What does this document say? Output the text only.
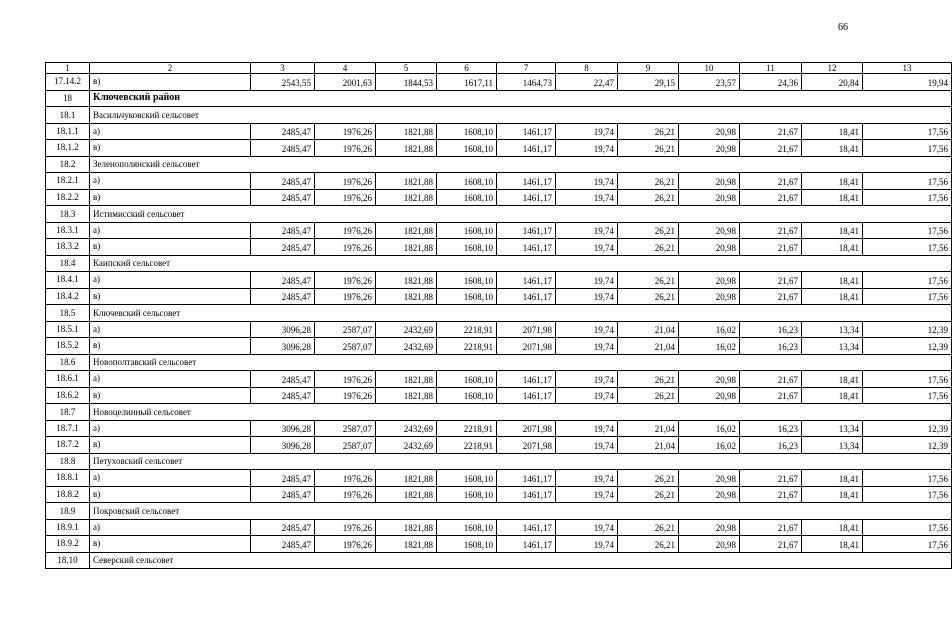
66
1	2	3	4	5	6	7	8	9	10	11	12	13
17.14.2	в)	2543,55	2001,63	1844,53	1617,11	1464,73	22,47	29,15	23,57	24,36	20,84	19,94
18	Ключевский район											
18.1	Васильчуковский сельсовет											
18.1.1	а)	2485,47	1976,26	1821,88	1608,10	1461,17	19,74	26,21	20,98	21,67	18,41	17,56
18.1.2	в)	2485,47	1976,26	1821,88	1608,10	1461,17	19,74	26,21	20,98	21,67	18,41	17,56
18.2	Зеленополянский сельсовет											
18.2.1	а)	2485,47	1976,26	1821,88	1608,10	1461,17	19,74	26,21	20,98	21,67	18,41	17,56
18.2.2	в)	2485,47	1976,26	1821,88	1608,10	1461,17	19,74	26,21	20,98	21,67	18,41	17,56
18.3	Истимисский сельсовет											
18.3.1	а)	2485,47	1976,26	1821,88	1608,10	1461,17	19,74	26,21	20,98	21,67	18,41	17,56
18.3.2	в)	2485,47	1976,26	1821,88	1608,10	1461,17	19,74	26,21	20,98	21,67	18,41	17,56
18.4	Каипский сельсовет											
18.4.1	а)	2485,47	1976,26	1821,88	1608,10	1461,17	19,74	26,21	20,98	21,67	18,41	17,56
18.4.2	в)	2485,47	1976,26	1821,88	1608,10	1461,17	19,74	26,21	20,98	21,67	18,41	17,56
18.5	Ключевский сельсовет											
18.5.1	а)	3096,28	2587,07	2432,69	2218,91	2071,98	19,74	21,04	16,02	16,23	13,34	12,39
18.5.2	в)	3096,28	2587,07	2432,69	2218,91	2071,98	19,74	21,04	16,02	16,23	13,34	12,39
18.6	Новополтавский сельсовет											
18.6.1	а)	2485,47	1976,26	1821,88	1608,10	1461,17	19,74	26,21	20,98	21,67	18,41	17,56
18.6.2	в)	2485,47	1976,26	1821,88	1608,10	1461,17	19,74	26,21	20,98	21,67	18,41	17,56
18.7	Новоцелинный сельсовет											
18.7.1	а)	3096,28	2587,07	2432,69	2218,91	2071,98	19,74	21,04	16,02	16,23	13,34	12,39
18.7.2	в)	3096,28	2587,07	2432,69	2218,91	2071,98	19,74	21,04	16,02	16,23	13,34	12,39
18.8	Петуховский сельсовет											
18.8.1	а)	2485,47	1976,26	1821,88	1608,10	1461,17	19,74	26,21	20,98	21,67	18,41	17,56
18.8.2	в)	2485,47	1976,26	1821,88	1608,10	1461,17	19,74	26,21	20,98	21,67	18,41	17,56
18.9	Покровский сельсовет											
18.9.1	а)	2485,47	1976,26	1821,88	1608,10	1461,17	19,74	26,21	20,98	21,67	18,41	17,56
18.9.2	в)	2485,47	1976,26	1821,88	1608,10	1461,17	19,74	26,21	20,98	21,67	18,41	17,56
18.10	Северский сельсовет											
